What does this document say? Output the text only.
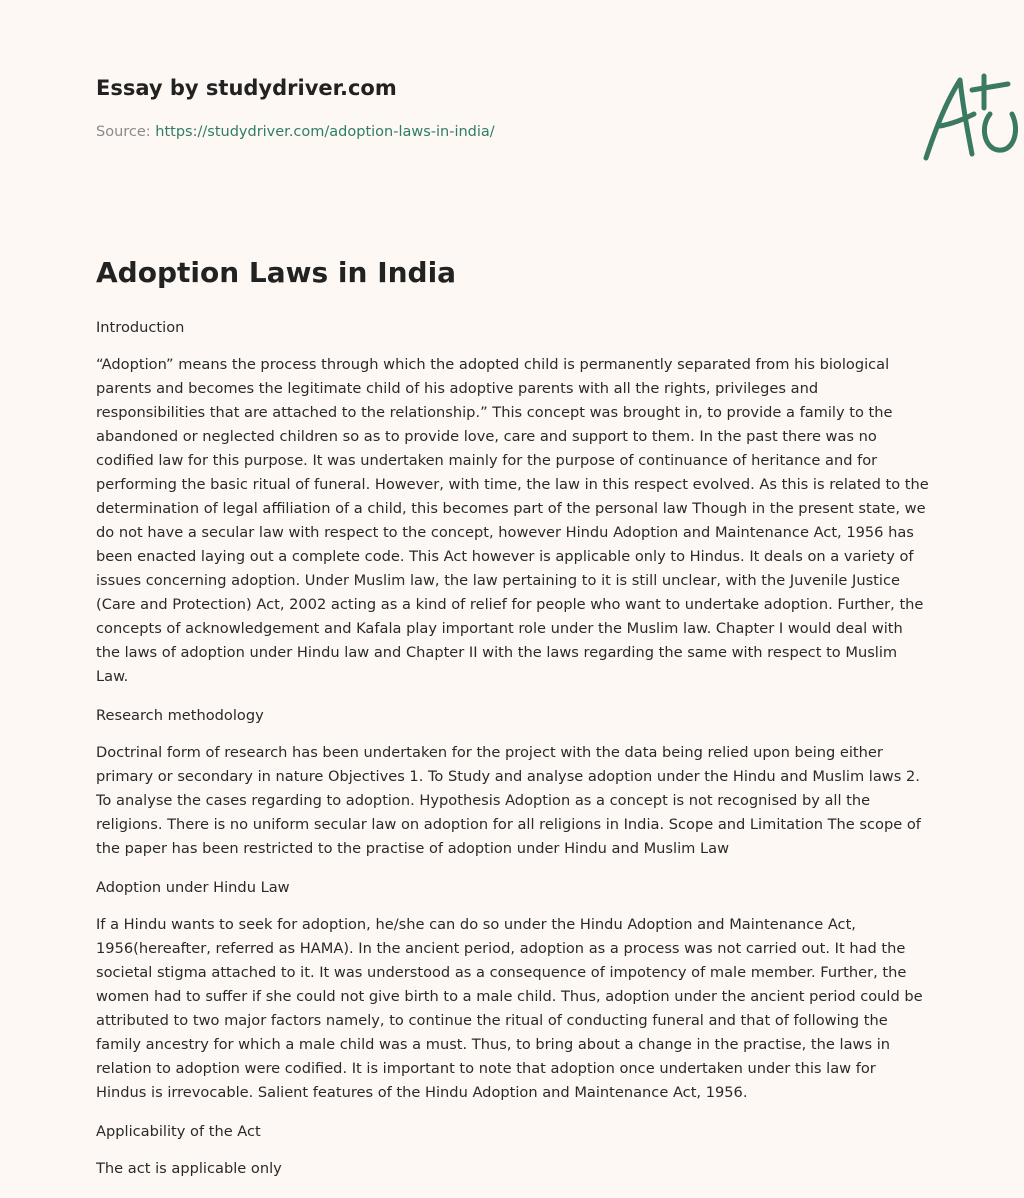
Essay by studydriver.com
Source: https://studydriver.com/adoption-laws-in-india/
Adoption Laws in India
Introduction

“Adoption” means the process through which the adopted child is permanently separated from his biological parents and becomes the legitimate child of his adoptive parents with all the rights, privileges and responsibilities that are attached to the relationship.” This concept was brought in, to provide a family to the abandoned or neglected children so as to provide love, care and support to them. In the past there was no codified law for this purpose. It was undertaken mainly for the purpose of continuance of heritance and for performing the basic ritual of funeral. However, with time, the law in this respect evolved. As this is related to the determination of legal affiliation of a child, this becomes part of the personal law Though in the present state, we do not have a secular law with respect to the concept, however Hindu Adoption and Maintenance Act, 1956 has been enacted laying out a complete code. This Act however is applicable only to Hindus. It deals on a variety of issues concerning adoption. Under Muslim law, the law pertaining to it is still unclear, with the Juvenile Justice (Care and Protection) Act, 2002 acting as a kind of relief for people who want to undertake adoption. Further, the concepts of acknowledgement and Kafala play important role under the Muslim law. Chapter I would deal with the laws of adoption under Hindu law and Chapter II with the laws regarding the same with respect to Muslim Law.

Research methodology

Doctrinal form of research has been undertaken for the project with the data being relied upon being either primary or secondary in nature Objectives 1. To Study and analyse adoption under the Hindu and Muslim laws 2. To analyse the cases regarding to adoption. Hypothesis Adoption as a concept is not recognised by all the religions. There is no uniform secular law on adoption for all religions in India. Scope and Limitation The scope of the paper has been restricted to the practise of adoption under Hindu and Muslim Law

Adoption under Hindu Law

If a Hindu wants to seek for adoption, he/she can do so under the Hindu Adoption and Maintenance Act, 1956(hereafter, referred as HAMA). In the ancient period, adoption as a process was not carried out. It had the societal stigma attached to it. It was understood as a consequence of impotency of male member. Further, the women had to suffer if she could not give birth to a male child. Thus, adoption under the ancient period could be attributed to two major factors namely, to continue the ritual of conducting funeral and that of following the family ancestry for which a male child was a must. Thus, to bring about a change in the practise, the laws in relation to adoption were codified. It is important to note that adoption once undertaken under this law for Hindus is irrevocable. Salient features of the Hindu Adoption and Maintenance Act, 1956.

Applicability of the Act

The act is applicable only
